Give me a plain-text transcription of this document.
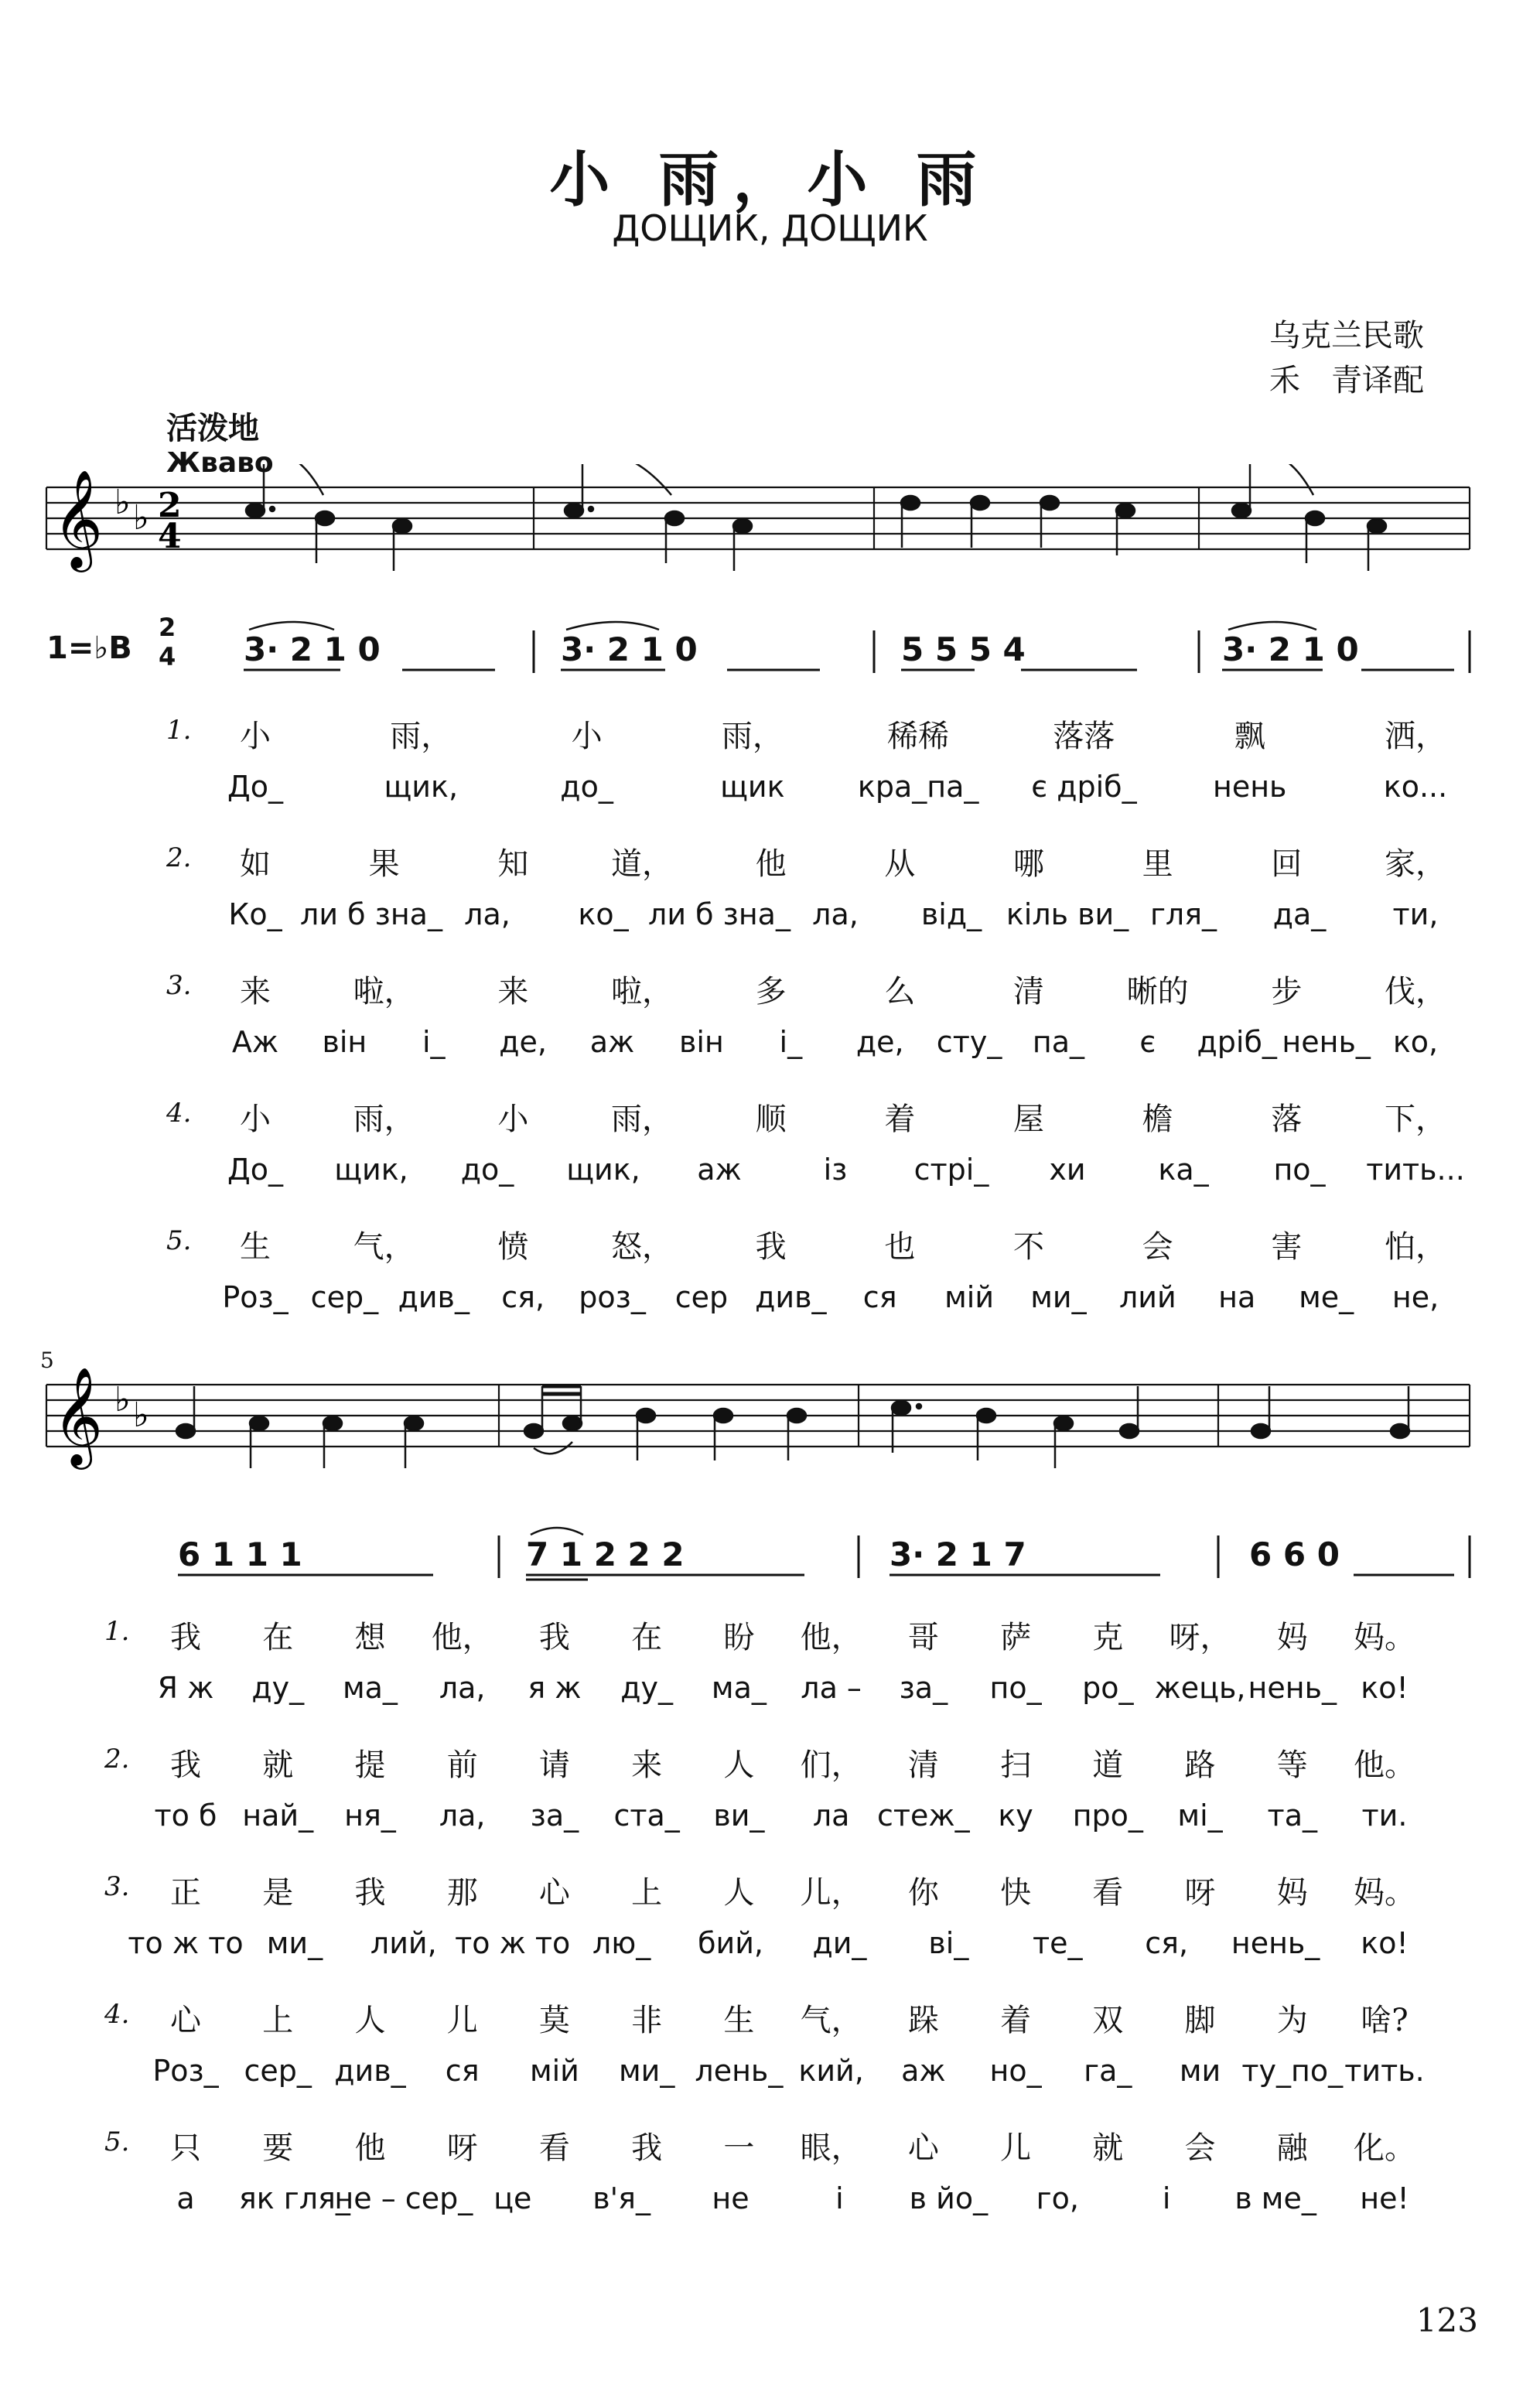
小 雨，小 雨
ДОЩИК, ДОЩИК
乌克兰民歌
禾　青译配
活泼地
Жваво
𝄞 ♭ ♭ 2
4
1=♭B
2
4 3· 2 1 0	3· 2 1 0	5 5 5 4	3· 2 1 0
1. 小	雨，	小	雨，	稀稀	落落	飘	洒，
До_	щик,	до_	щик кра_па_ є дріб_	нень	ко...
2. 如	果	知	道，	他	从	哪	里	回	家，
Ко_ ли б зна_ ла, ко_ ли б зна_ ла, від_ кіль ви_ гля_ да_ ти,
3. 来	啦，	来	啦，	多	么	清	晰的	步	伐，
Аж він і_ де, аж він і_ де, сту_ па_ є дріб_ нень_ ко,
4. 小	雨，	小	雨，	顺	着	屋	檐	落	下，
До_ щик, до_ щик, аж	із стрі_ хи ка_ по_ тить...
5. 生	气，	愤	怒，	我	也	不	会	害	怕，
Роз_ сер_ див_ ся, роз_ сер див_ ся мій ми_ лий на ме_ не,
5
𝄞 ♭ ♭
6 1 1 1	7 1 2 2 2	3· 2 1 7	6 6 0
1. 我 在 想 他， 我 在 盼 他， 哥 萨 克 呀， 妈 妈。
Я ж ду_ ма_ ла, я ж ду_ ма_ ла – за_ по_ ро_ жець, нень_ ко!
2. 我 就 提 前 请 来 人 们， 清 扫 道 路 等 他。
то б най_ ня_ ла, за_ ста_ ви_ ла стеж_ ку про_ мі_ та_ ти.
3. 正 是 我 那 心 上 人 儿， 你 快 看 呀 妈 妈。
то ж то ми_ лий, то ж то лю_ бий, ди_ ві_ те_ ся, нень_ ко!
4. 心 上 人 儿 莫 非 生 气， 跺 着 双 脚 为 啥?
Роз_ сер_ див_ ся мій ми_ лень_ кий, аж но_ га_ ми ту_по_ тить.
5. 只 要 他 呀 看 我 一 眼， 心 儿 就 会 融 化。
а як гля_
не – сер_ це в'я_ не	і в йо_ го,	і в ме_ не!
123
